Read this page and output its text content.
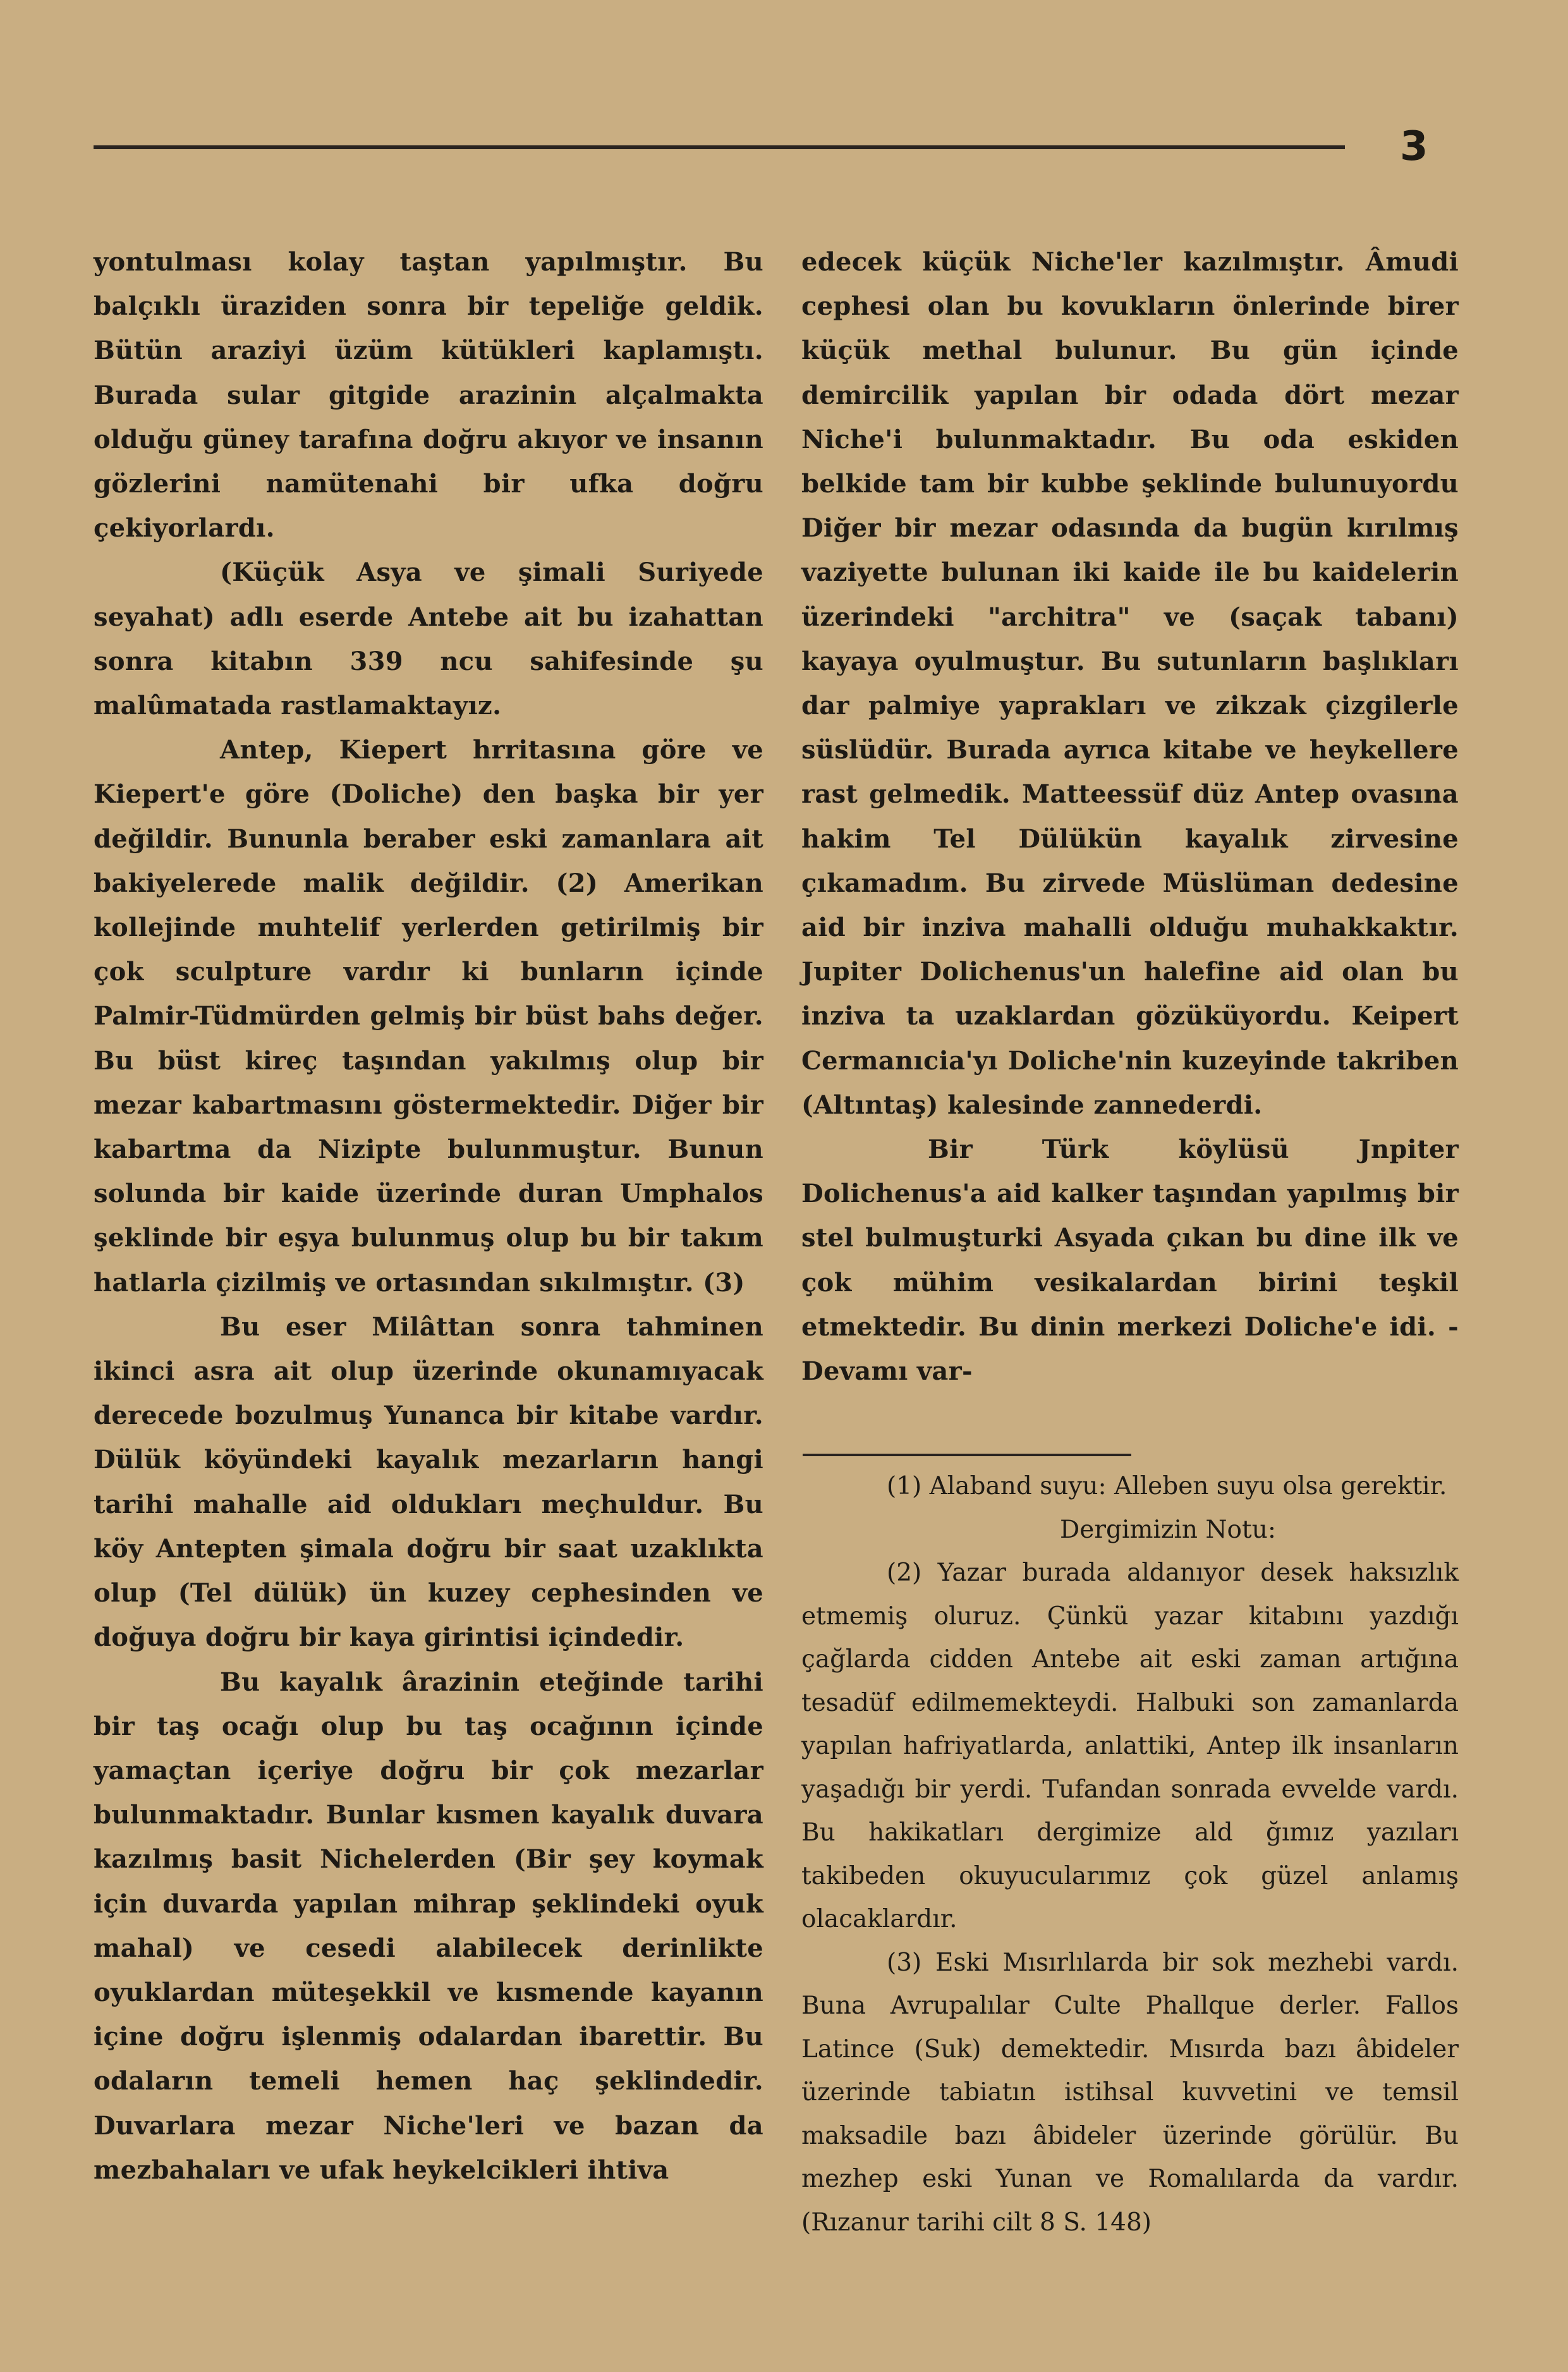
3

yontulması kolay taştan yapılmıştır. Bu balçıklı üraziden sonra bir tepeliğe geldik. Bütün araziyi üzüm kütükleri kaplamıştı. Burada sular gitgide arazinin alçalmakta olduğu güney tarafına doğru akıyor ve insanın gözlerini namütenahi bir ufka doğru çekiyorlardı.

(Küçük Asya ve şimali Suriyede seyahat) adlı eserde Antebe ait bu izahattan sonra kitabın 339 ncu sahifesinde şu malûmatada rastlamaktayız.

Antep, Kiepert hrritasına göre ve Kiepert'e göre (Doliche) den başka bir yer değildir. Bununla beraber eski zamanlara ait bakiyelerede malik değildir. (2) Amerikan kollejinde muhtelif yerlerden getirilmiş bir çok sculpture vardır ki bunların içinde Palmir-Tüdmürden gelmiş bir büst bahs değer. Bu büst kireç taşından yakılmış olup bir mezar kabartmasını göstermektedir. Diğer bir kabartma da Nizipte bulunmuştur. Bunun solunda bir kaide üzerinde duran Umphalos şeklinde bir eşya bulunmuş olup bu bir takım hatlarla çizilmiş ve ortasından sıkılmıştır. (3)

Bu eser Milâttan sonra tahminen ikinci asra ait olup üzerinde okunamıyacak derecede bozulmuş Yunanca bir kitabe vardır. Dülük köyündeki kayalık mezarların hangi tarihi mahalle aid oldukları meçhuldur. Bu köy Antepten şimala doğru bir saat uzaklıkta olup (Tel dülük) ün kuzey cephesinden ve doğuya doğru bir kaya girintisi içindedir.

Bu kayalık ârazinin eteğinde tarihi bir taş ocağı olup bu taş ocağının içinde yamaçtan içeriye doğru bir çok mezarlar bulunmaktadır. Bunlar kısmen kayalık duvara kazılmış basit Nichelerden (Bir şey koymak için duvarda yapılan mihrap şeklindeki oyuk mahal) ve cesedi alabilecek derinlikte oyuklardan müteşekkil ve kısmende kayanın içine doğru işlenmiş odalardan ibarettir. Bu odaların temeli hemen haç şeklindedir. Duvarlara mezar Niche'leri ve bazan da mezbahaları ve ufak heykelcikleri ihtiva

edecek küçük Niche'ler kazılmıştır. Âmudi cephesi olan bu kovukların önlerinde birer küçük methal bulunur. Bu gün içinde demircilik yapılan bir odada dört mezar Niche'i bulunmaktadır. Bu oda eskiden belkide tam bir kubbe şeklinde bulunuyordu Diğer bir mezar odasında da bugün kırılmış vaziyette bulunan iki kaide ile bu kaidelerin üzerindeki "architra" ve (saçak tabanı) kayaya oyulmuştur. Bu sutunların başlıkları dar palmiye yaprakları ve zikzak çizgilerle süslüdür. Burada ayrıca kitabe ve heykellere rast gelmedik. Matteessüf düz Antep ovasına hakim Tel Dülükün kayalık zirvesine çıkamadım. Bu zirvede Müslüman dedesine aid bir inziva mahalli olduğu muhakkaktır. Jupiter Dolichenus'un halefine aid olan bu inziva ta uzaklardan gözüküyordu. Keipert Cermanıcia'yı Doliche'nin kuzeyinde takriben (Altıntaş) kalesinde zannederdi.

Bir Türk köylüsü Jnpiter Dolichenus'a aid kalker taşından yapılmış bir stel bulmuşturki Asyada çıkan bu dine ilk ve çok mühim vesikalardan birini teşkil etmektedir. Bu dinin merkezi Doliche'e idi. -Devamı var-

(1) Alaband suyu: Alleben suyu olsa gerektir.

Dergimizin Notu:

(2) Yazar burada aldanıyor desek haksızlık etmemiş oluruz. Çünkü yazar kitabını yazdığı çağlarda cidden Antebe ait eski zaman artığına tesadüf edilmemekteydi. Halbuki son zamanlarda yapılan hafriyatlarda, anlattiki, Antep ilk insanların yaşadığı bir yerdi. Tufandan sonrada evvelde vardı. Bu hakikatları dergimize ald ğımız yazıları takibeden okuyucularımız çok güzel anlamış olacaklardır.

(3) Eski Mısırlılarda bir sok mezhebi vardı. Buna Avrupalılar Culte Phallque derler. Fallos Latince (Suk) demektedir. Mısırda bazı âbideler üzerinde tabiatın istihsal kuvvetini ve temsil maksadile bazı âbideler üzerinde görülür. Bu mezhep eski Yunan ve Romalılarda da vardır. (Rızanur tarihi cilt 8 S. 148)
